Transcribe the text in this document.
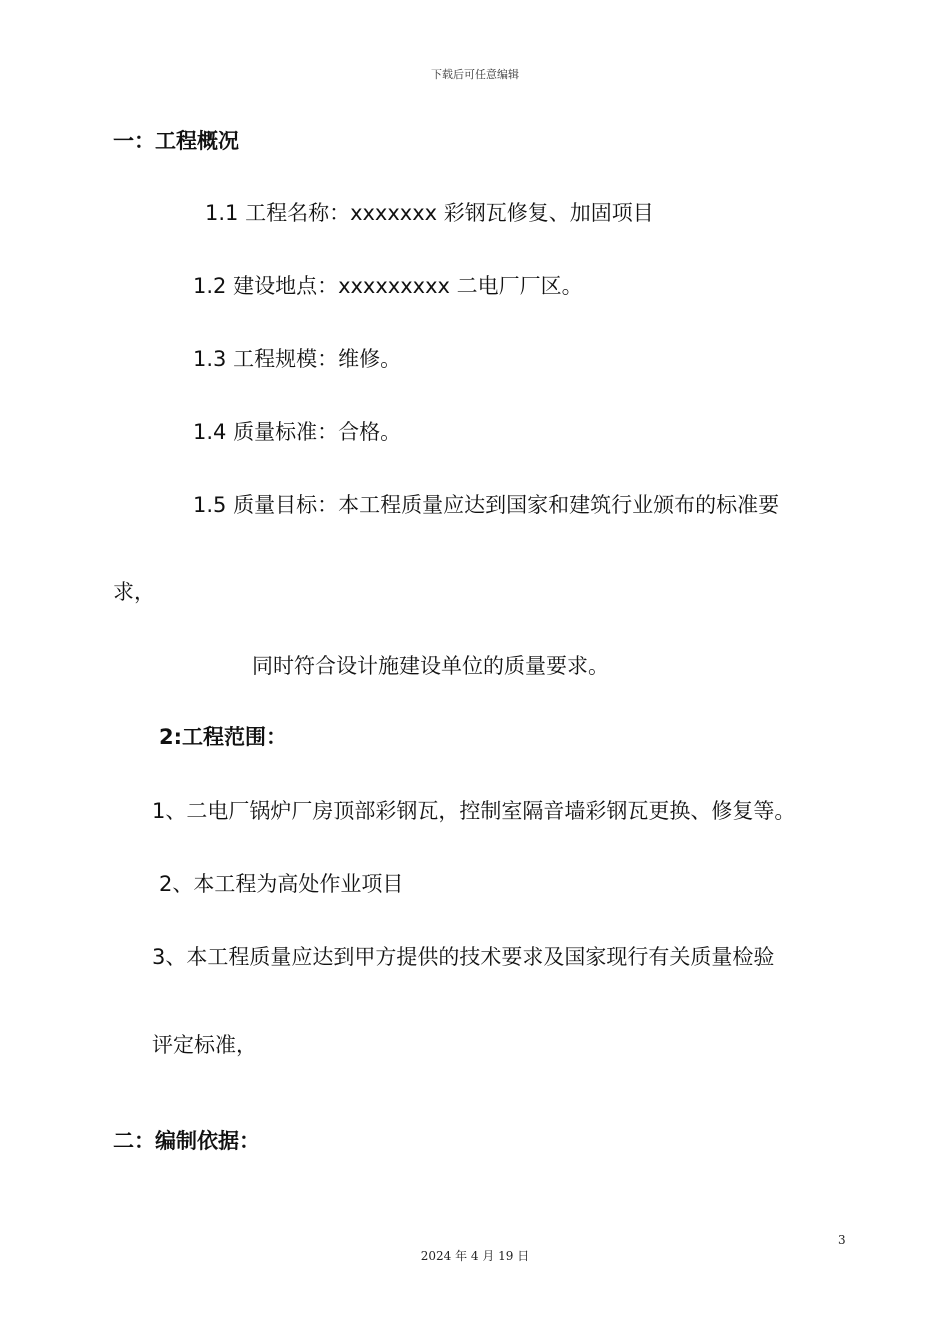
下载后可任意编辑
一：工程概况
1.1 工程名称：xxxxxxx 彩钢瓦修复、加固项目
1.2 建设地点：xxxxxxxxx 二电厂厂区。
1.3 工程规模：维修。
1.4 质量标准：合格。
1.5 质量目标：本工程质量应达到国家和建筑行业颁布的标准要
求，
同时符合设计施建设单位的质量要求。
2:工程范围：
1、二电厂锅炉厂房顶部彩钢瓦，控制室隔音墙彩钢瓦更换、修复等。
2、本工程为高处作业项目
3、本工程质量应达到甲方提供的技术要求及国家现行有关质量检验
评定标准，
二：编制依据：
3
2024 年 4 月 19 日
